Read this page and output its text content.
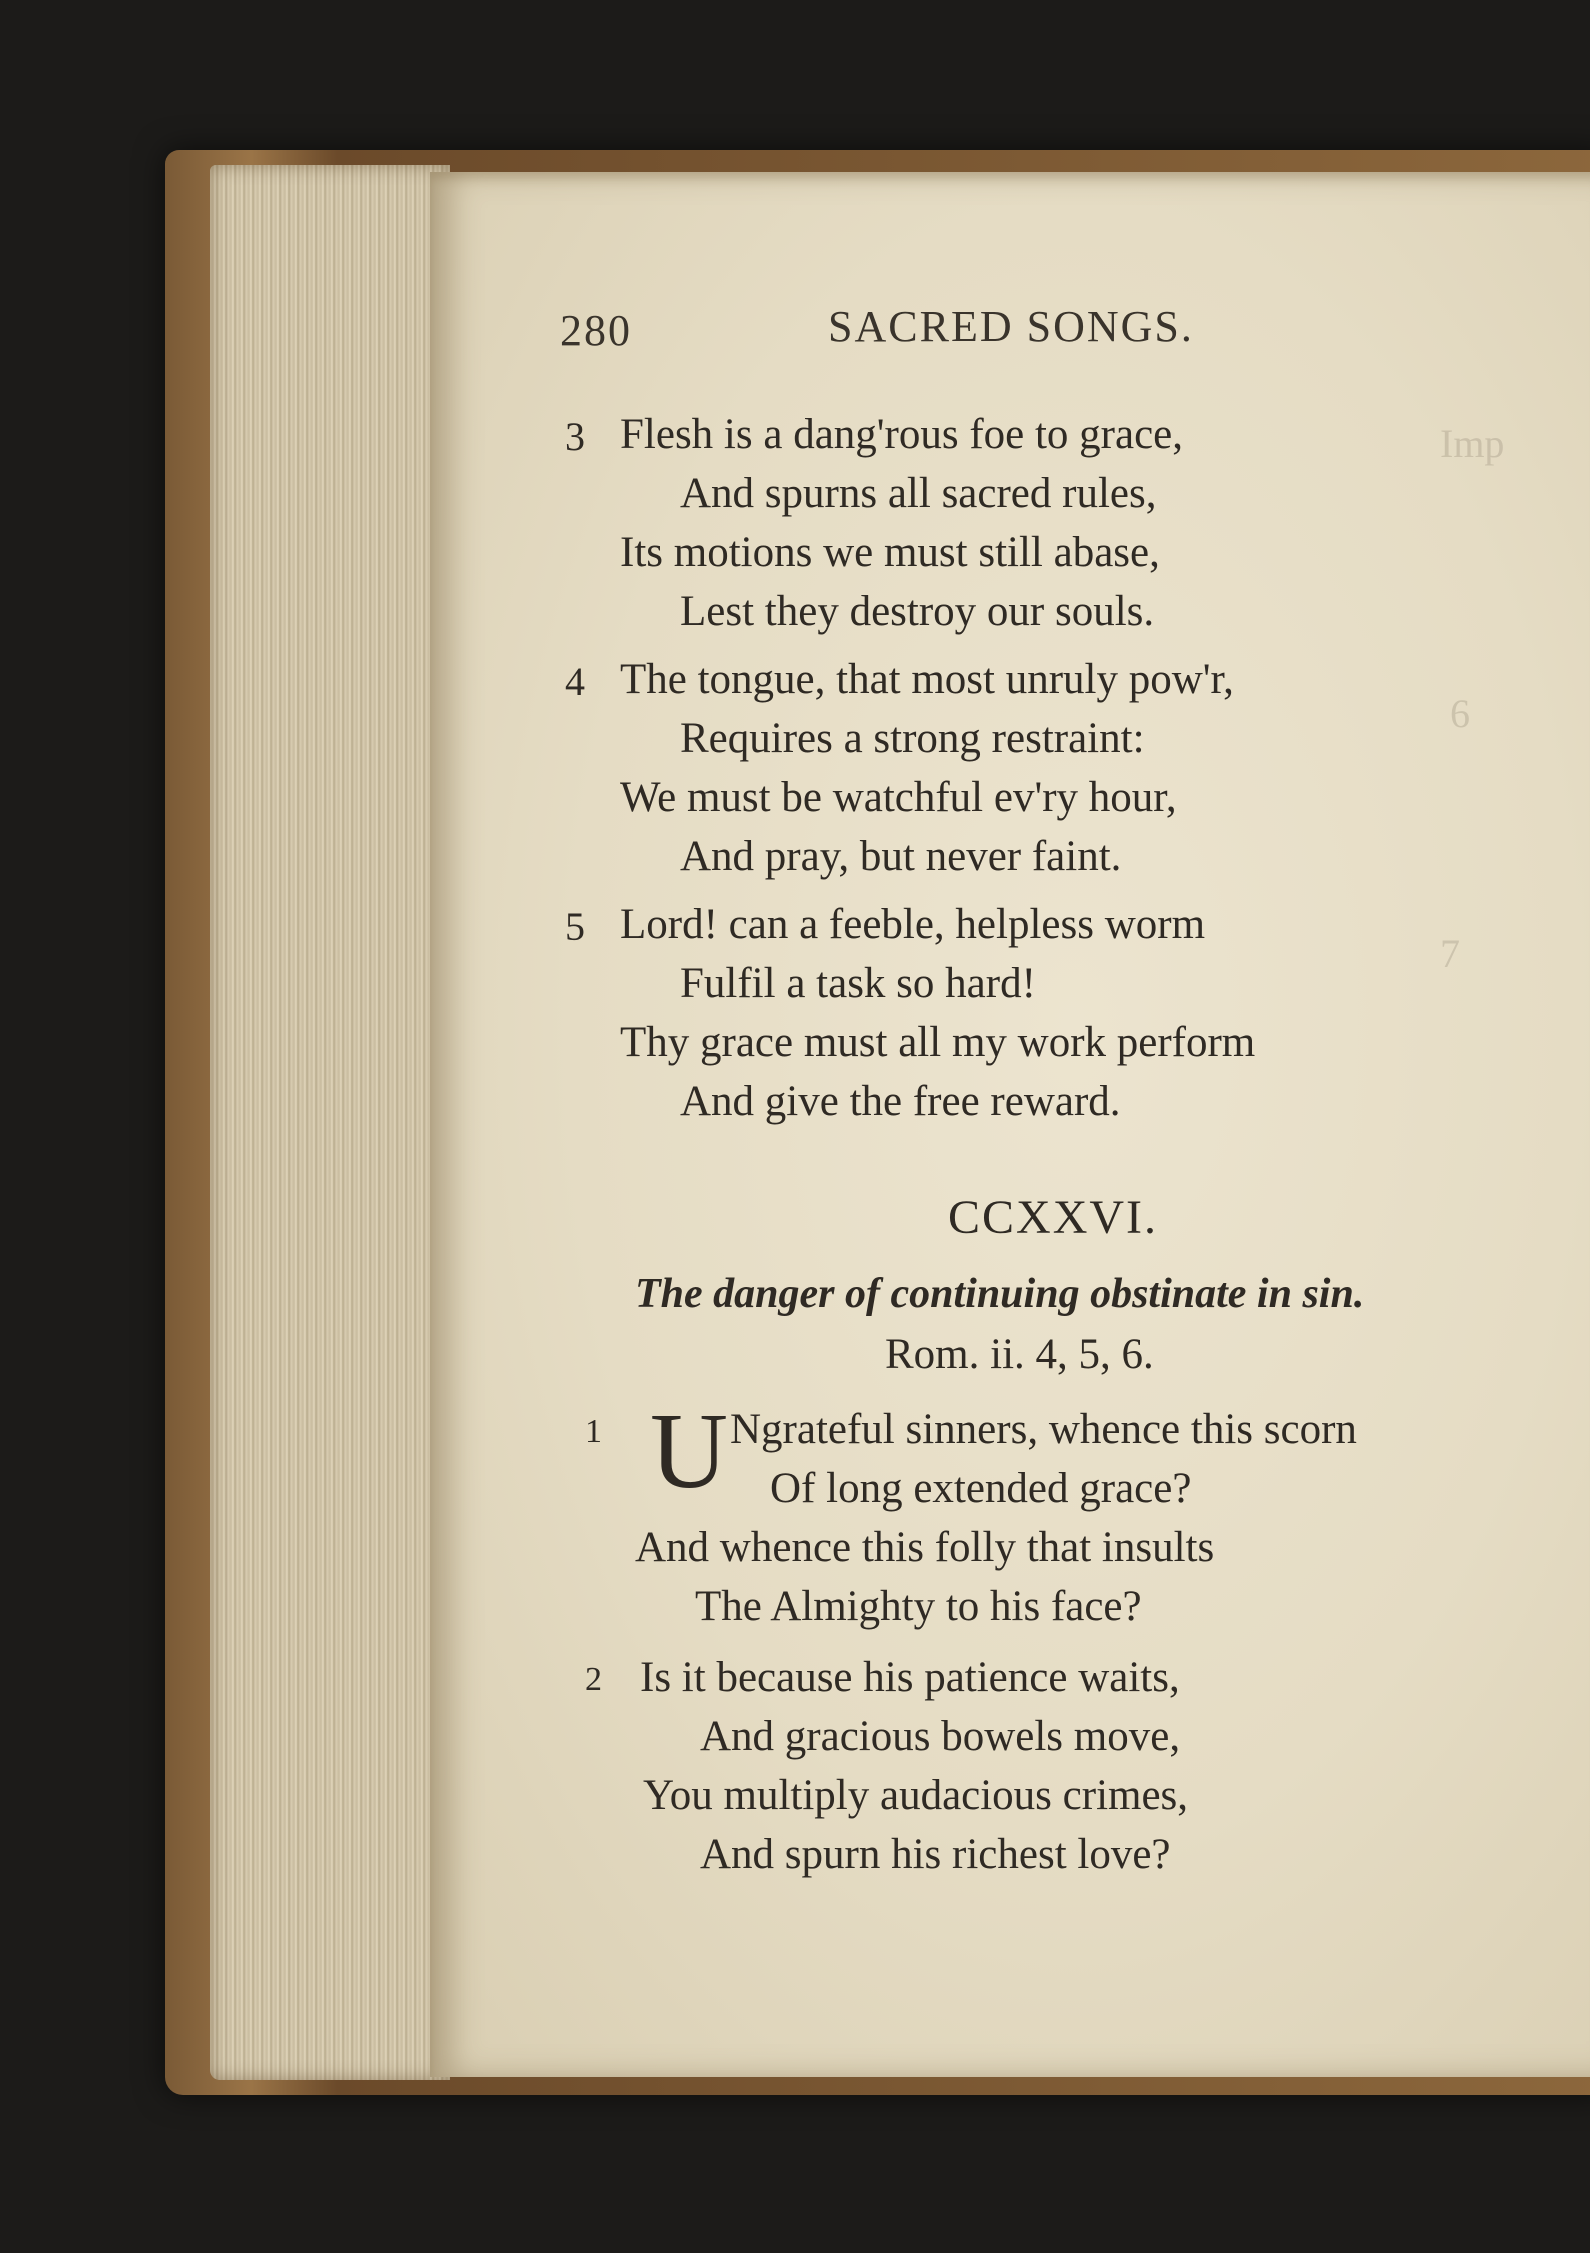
Imp
6
7
280	SACRED SONGS.
3 Flesh is a dang'rous foe to grace,
And spurns all sacred rules,
Its motions we must still abase,
Lest they destroy our souls.
4 The tongue, that most unruly pow'r,
Requires a strong restraint:
We must be watchful ev'ry hour,
And pray, but never faint.
5 Lord! can a feeble, helpless worm
Fulfil a task so hard!
Thy grace must all my work perform
And give the free reward.
CCXXVI.
The danger of continuing obstinate in sin.
Rom. ii. 4, 5, 6.
1	Ngrateful sinners, whence this scorn
Of long extended grace?
And whence this folly that insults
The Almighty to his face?
U
2 Is it because his patience waits,
And gracious bowels move,
You multiply audacious crimes,
And spurn his richest love?
